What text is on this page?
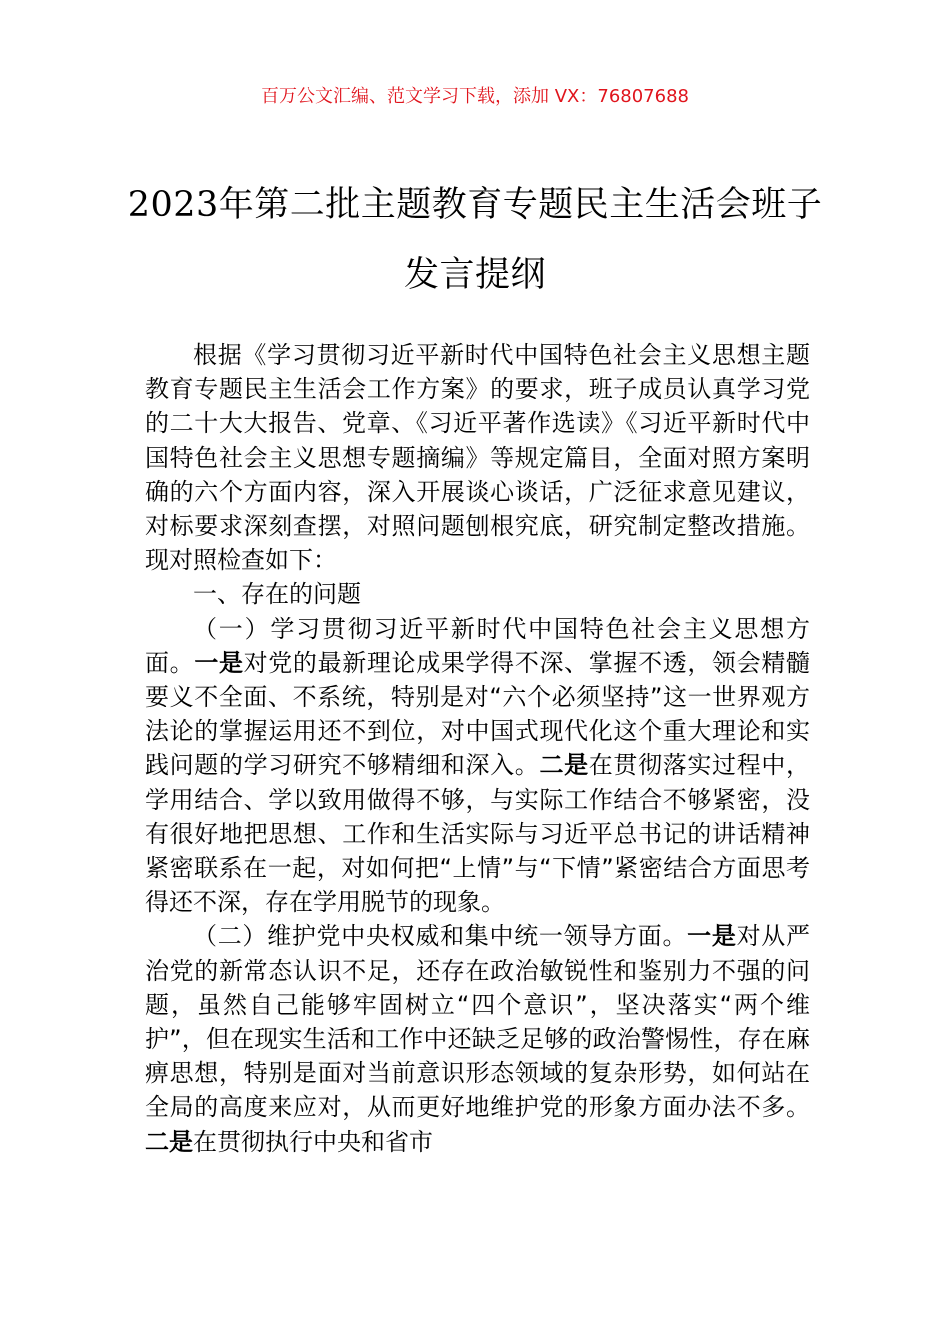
百万公文汇编、范文学习下载，添加 VX：76807688
2023年第二批主题教育专题民主生活会班子发言提纲

根据《学习贯彻习近平新时代中国特色社会主义思想主题教育专题民主生活会工作方案》的要求，班子成员认真学习党的二十大大报告、党章、《习近平著作选读》《习近平新时代中国特色社会主义思想专题摘编》等规定篇目，全面对照方案明确的六个方面内容，深入开展谈心谈话，广泛征求意见建议，对标要求深刻查摆，对照问题刨根究底，研究制定整改措施。现对照检查如下：

一、存在的问题

（一）学习贯彻习近平新时代中国特色社会主义思想方面。一是对党的最新理论成果学得不深、掌握不透，领会精髓要义不全面、不系统，特别是对“六个必须坚持”这一世界观方法论的掌握运用还不到位，对中国式现代化这个重大理论和实践问题的学习研究不够精细和深入。二是在贯彻落实过程中，学用结合、学以致用做得不够，与实际工作结合不够紧密，没有很好地把思想、工作和生活实际与习近平总书记的讲话精神紧密联系在一起，对如何把“上情”与“下情”紧密结合方面思考得还不深，存在学用脱节的现象。

（二）维护党中央权威和集中统一领导方面。一是对从严治党的新常态认识不足，还存在政治敏锐性和鉴别力不强的问题，虽然自己能够牢固树立“四个意识”，坚决落实“两个维护”，但在现实生活和工作中还缺乏足够的政治警惕性，存在麻痹思想，特别是面对当前意识形态领域的复杂形势，如何站在全局的高度来应对，从而更好地维护党的形象方面办法不多。二是在贯彻执行中央和省市
